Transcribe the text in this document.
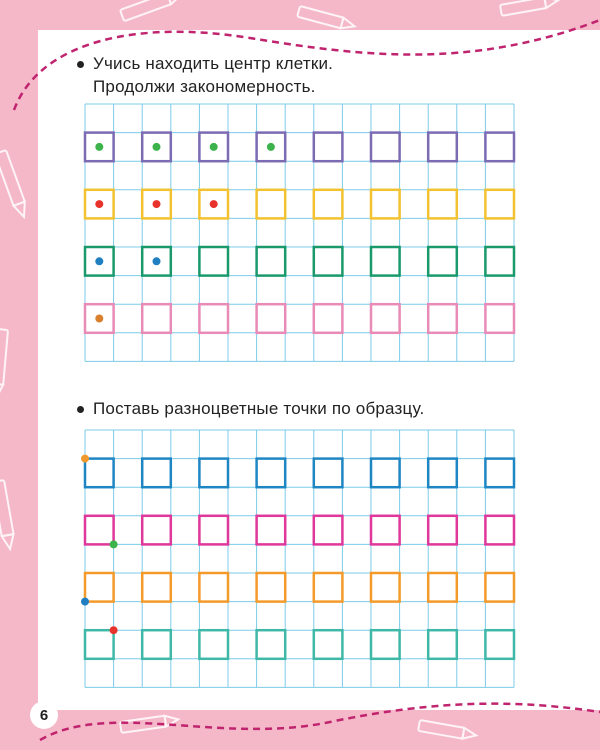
Учись находить центр клетки.
Продолжи закономерность.
Поставь разноцветные точки по образцу.
6
